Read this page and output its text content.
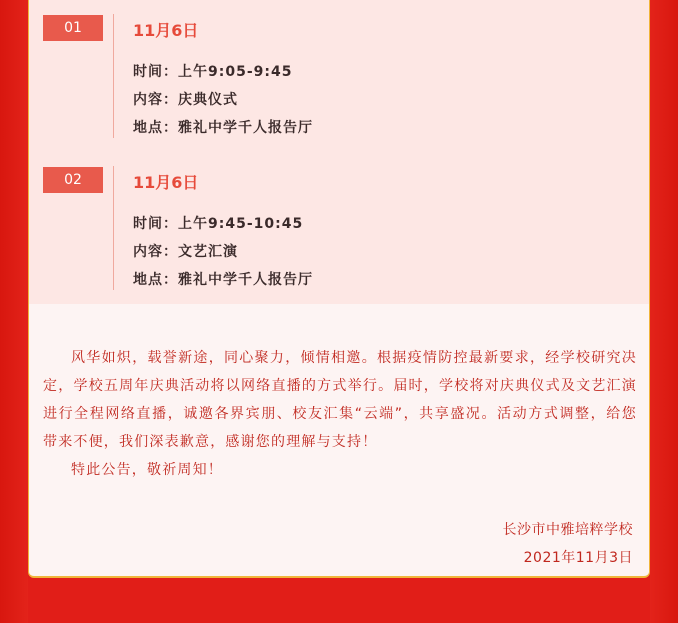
01	11月6日
时间：上午9:05-9:45
内容：庆典仪式
地点：雅礼中学千人报告厅
02	11月6日
时间：上午9:45-10:45
内容：文艺汇演
地点：雅礼中学千人报告厅

风华如炽，载誉新途，同心聚力，倾情相邀。根据疫情防控最新要求，经学校研究决定，学校五周年庆典活动将以网络直播的方式举行。届时，学校将对庆典仪式及文艺汇演进行全程网络直播，诚邀各界宾朋、校友汇集“云端”，共享盛况。活动方式调整，给您带来不便，我们深表歉意，感谢您的理解与支持！

特此公告，敬祈周知！

长沙市中雅培粹学校
2021年11月3日
